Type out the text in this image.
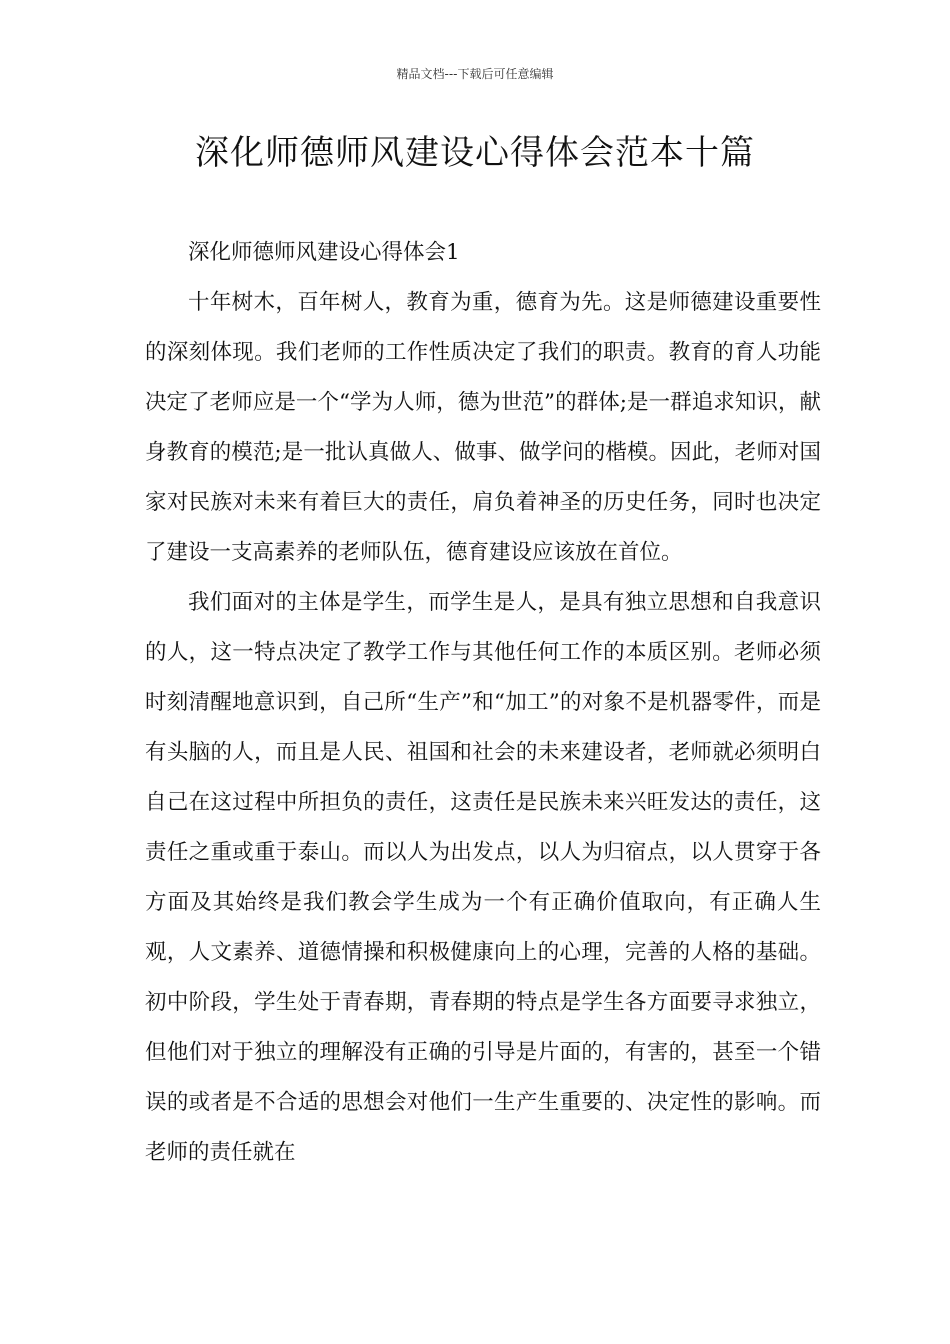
精品文档---下载后可任意编辑
深化师德师风建设心得体会范本十篇

深化师德师风建设心得体会1

十年树木，百年树人，教育为重，德育为先。这是师德建设重要性的深刻体现。我们老师的工作性质决定了我们的职责。教育的育人功能决定了老师应是一个“学为人师，德为世范”的群体;是一群追求知识，献身教育的模范;是一批认真做人、做事、做学问的楷模。因此，老师对国家对民族对未来有着巨大的责任，肩负着神圣的历史任务，同时也决定了建设一支高素养的老师队伍，德育建设应该放在首位。

我们面对的主体是学生，而学生是人，是具有独立思想和自我意识的人，这一特点决定了教学工作与其他任何工作的本质区别。老师必须时刻清醒地意识到，自己所“生产”和“加工”的对象不是机器零件，而是有头脑的人，而且是人民、祖国和社会的未来建设者，老师就必须明白自己在这过程中所担负的责任，这责任是民族未来兴旺发达的责任，这责任之重或重于泰山。而以人为出发点，以人为归宿点，以人贯穿于各方面及其始终是我们教会学生成为一个有正确价值取向，有正确人生观，人文素养、道德情操和积极健康向上的心理，完善的人格的基础。初中阶段，学生处于青春期，青春期的特点是学生各方面要寻求独立，但他们对于独立的理解没有正确的引导是片面的，有害的，甚至一个错误的或者是不合适的思想会对他们一生产生重要的、决定性的影响。而老师的责任就在
